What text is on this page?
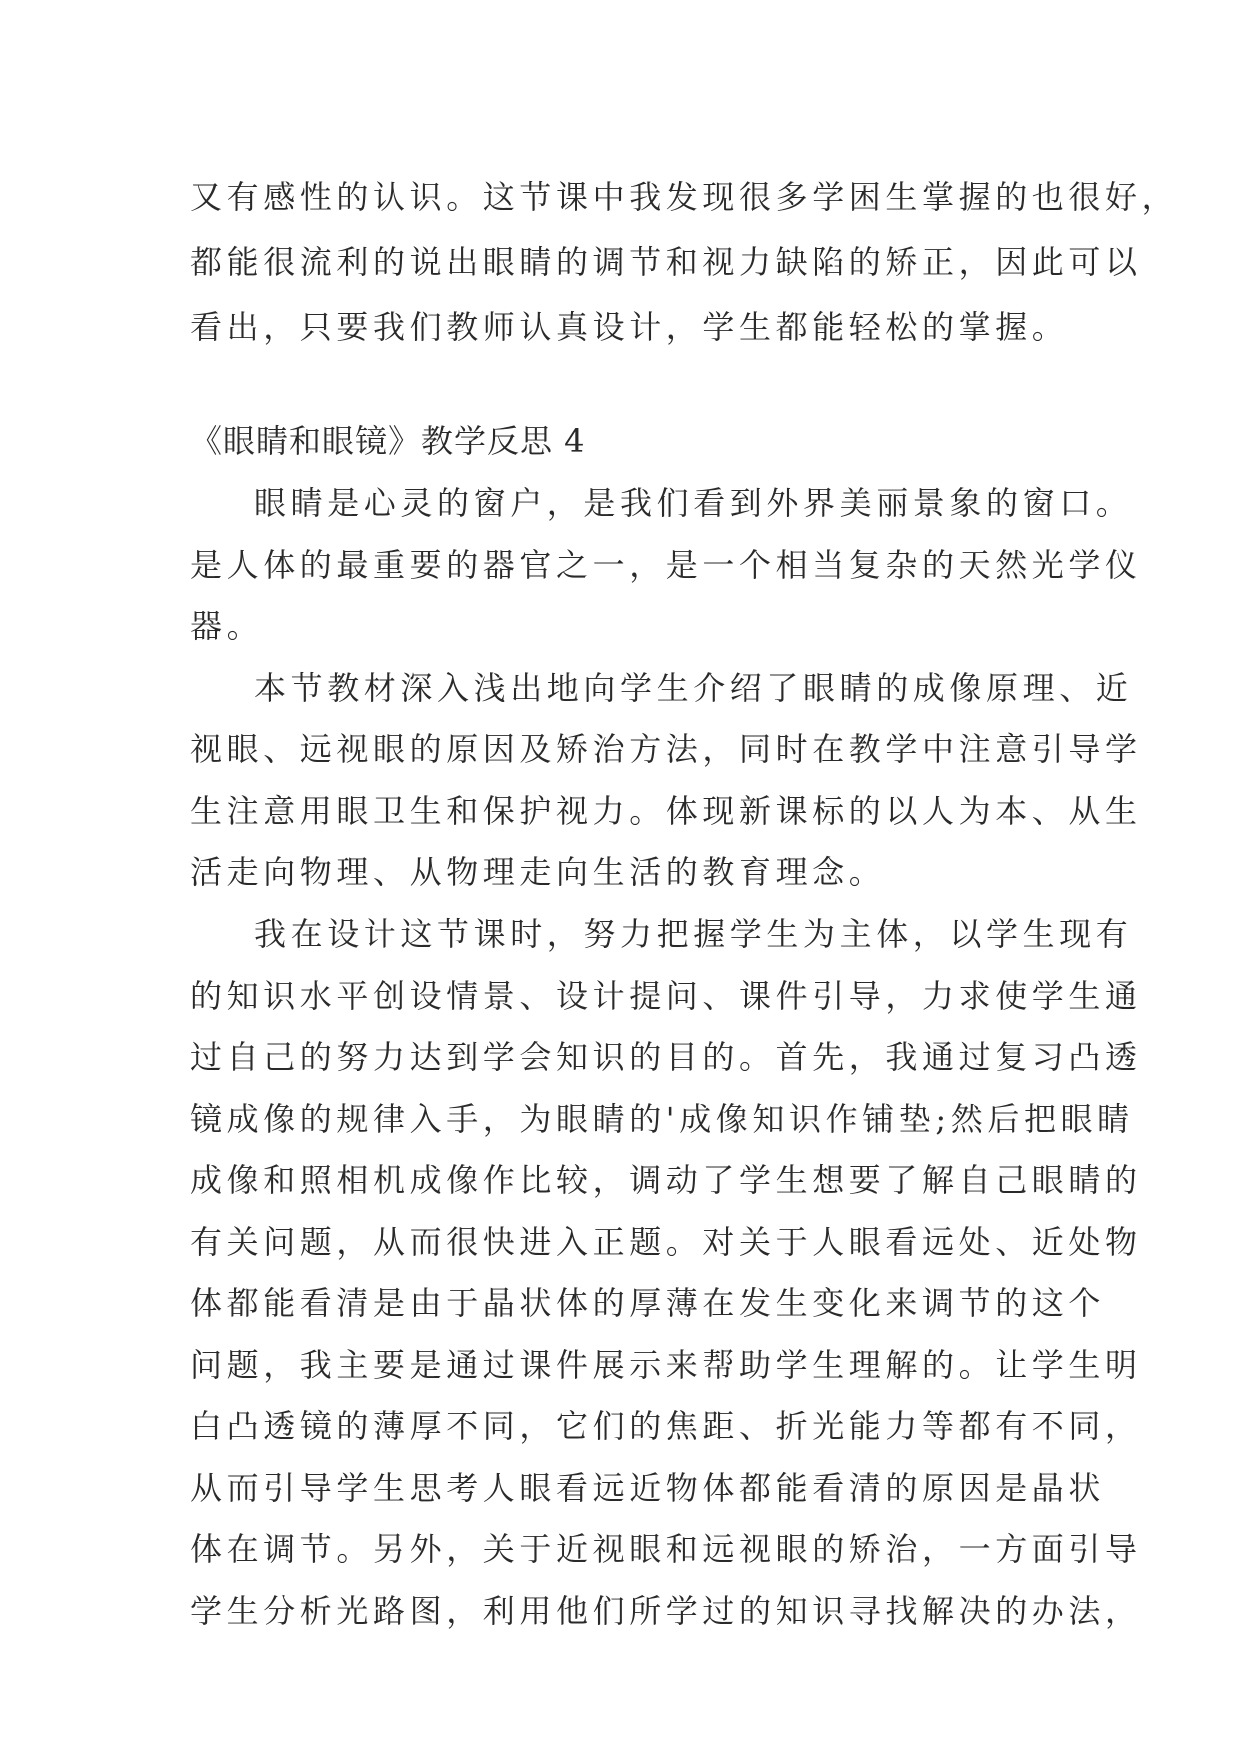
又有感性的认识。这节课中我发现很多学困生掌握的也很好，
都能很流利的说出眼睛的调节和视力缺陷的矫正，因此可以
看出，只要我们教师认真设计，学生都能轻松的掌握。
《眼睛和眼镜》教学反思 4
眼睛是心灵的窗户，是我们看到外界美丽景象的窗口。
是人体的最重要的器官之一，是一个相当复杂的天然光学仪
器。
本节教材深入浅出地向学生介绍了眼睛的成像原理、近
视眼、远视眼的原因及矫治方法，同时在教学中注意引导学
生注意用眼卫生和保护视力。体现新课标的以人为本、从生
活走向物理、从物理走向生活的教育理念。
我在设计这节课时，努力把握学生为主体，以学生现有
的知识水平创设情景、设计提问、课件引导，力求使学生通
过自己的努力达到学会知识的目的。首先，我通过复习凸透
镜成像的规律入手，为眼睛的'成像知识作铺垫;然后把眼睛
成像和照相机成像作比较，调动了学生想要了解自己眼睛的
有关问题，从而很快进入正题。对关于人眼看远处、近处物
体都能看清是由于晶状体的厚薄在发生变化来调节的这个
问题，我主要是通过课件展示来帮助学生理解的。让学生明
白凸透镜的薄厚不同，它们的焦距、折光能力等都有不同，
从而引导学生思考人眼看远近物体都能看清的原因是晶状
体在调节。另外，关于近视眼和远视眼的矫治，一方面引导
学生分析光路图，利用他们所学过的知识寻找解决的办法，
